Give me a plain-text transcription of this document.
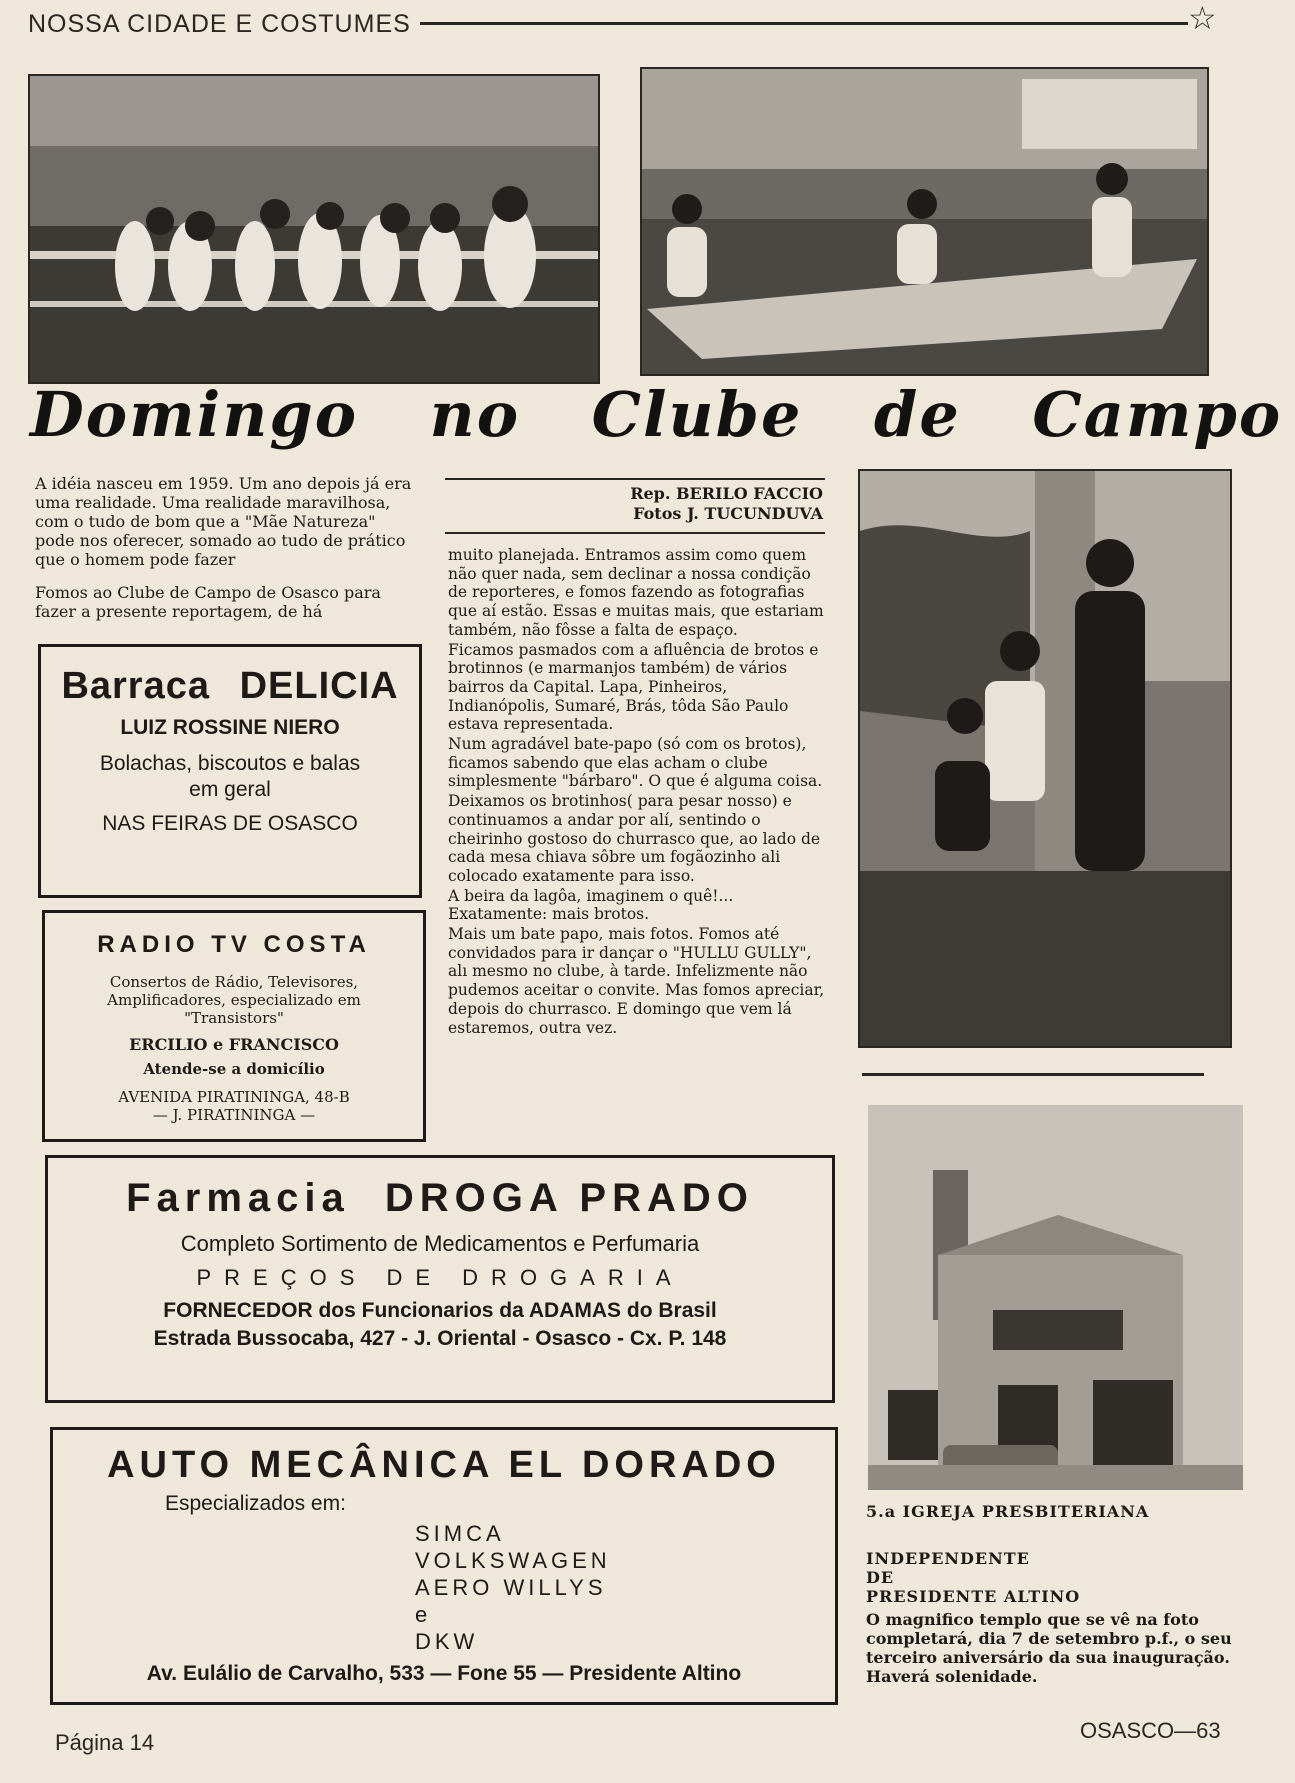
NOSSA CIDADE E COSTUMES	☆
Domingo no Clube de Campo

A idéia nasceu em 1959. Um ano depois já era uma realidade. Uma realidade maravilhosa, com o tudo de bom que a "Mãe Natureza" pode nos oferecer, somado ao tudo de prático que o homem pode fazer

Fomos ao Clube de Campo de Osasco para fazer a presente reportagem, de há

Rep. BERILO FACCIO
Fotos J. TUCUNDUVA

muito planejada. Entramos assim como quem não quer nada, sem declinar a nossa condição de reporteres, e fomos fazendo as fotografias que aí estão. Essas e muitas mais, que estariam também, não fôsse a falta de espaço.

Ficamos pasmados com a afluência de brotos e brotinnos (e marmanjos também) de vários bairros da Capital. Lapa, Pinheiros, Indianópolis, Sumaré, Brás, tôda São Paulo estava representada.

Num agradável bate-papo (só com os brotos), ficamos sabendo que elas acham o clube simplesmente "bárbaro". O que é alguma coisa.

Deixamos os brotinhos( para pesar nosso) e continuamos a andar por alí, sentindo o cheirinho gostoso do churrasco que, ao lado de cada mesa chiava sôbre um fogãozinho ali colocado exatamente para isso.

A beira da lagôa, imaginem o quê!... Exatamente: mais brotos.

Mais um bate papo, mais fotos. Fomos até convidados para ir dançar o "HULLU GULLY", alı mesmo no clube, à tarde. Infelizmente não pudemos aceitar o convite. Mas fomos apreciar, depois do churrasco. E domingo que vem lá estaremos, outra vez.

5.a IGREJA PRESBITERIANA
INDEPENDENTE
DE
PRESIDENTE ALTINO
O magnifico templo que se vê na foto completará, dia 7 de setembro p.f., o seu terceiro aniversário da sua inauguração. Haverá solenidade.
Barraca DELICIA
LUIZ ROSSINE NIERO
Bolachas, biscoutos e balas
em geral
NAS FEIRAS DE OSASCO
RADIO TV COSTA
Consertos de Rádio, Televisores, Amplificadores, especializado em "Transistors"
ERCILIO e FRANCISCO
Atende-se a domicílio
AVENIDA PIRATININGA, 48-B
— J. PIRATININGA —
Farmacia DROGA PRADO
Completo Sortimento de Medicamentos e Perfumaria
PREÇOS DE DROGARIA
FORNECEDOR dos Funcionarios da ADAMAS do Brasil
Estrada Bussocaba, 427 - J. Oriental - Osasco - Cx. P. 148
AUTO MECÂNICA EL DORADO
Especializados em:
SIMCA
VOLKSWAGEN
AERO WILLYS
e
DKW
Av. Eulálio de Carvalho, 533 — Fone 55 — Presidente Altino
Página 14	OSASCO—63
